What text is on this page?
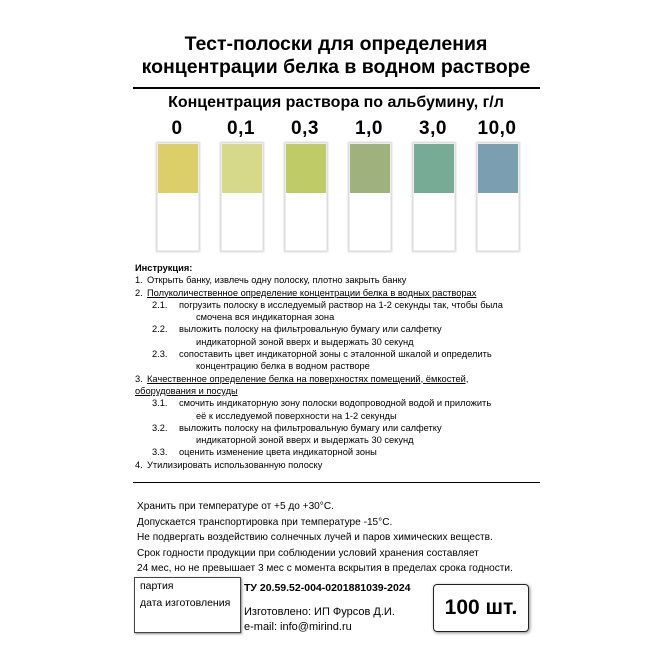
Тест-полоски для определения
концентрации белка в водном растворе
Концентрация раствора по альбумину, г/л
0	0,1	0,3	1,0	3,0	10,0
Инструкция:
1. Открыть банку, извлечь одну полоску, плотно закрыть банку
2. Полуколичественное определение концентрации белка в водных растворах
2.1. погрузить полоску в исследуемый раствор на 1-2 секунды так, чтобы была
смочена вся индикаторная зона
2.2. выложить полоску на фильтровальную бумагу или салфетку
индикаторной зоной вверх и выдержать 30 секунд
2.3. сопоставить цвет индикаторной зоны с эталонной шкалой и определить
концентрацию белка в водном растворе
3. Качественное определение белка на поверхностях помещений, ёмкостей,
оборудования и посуды
3.1. смочить индикаторную зону полоски водопроводной водой и приложить
её к исследуемой поверхности на 1-2 секунды
3.2. выложить полоску на фильтровальную бумагу или салфетку
индикаторной зоной вверх и выдержать 30 секунд
3.3. оценить изменение цвета индикаторной зоны
4. Утилизировать использованную полоску
Хранить при температуре от +5 до +30°С.
Допускается транспортировка при температуре -15°С.
Не подвергать воздействию солнечных лучей и паров химических веществ.
Срок годности продукции при соблюдении условий хранения составляет
24 мес, но не превышает 3 мес с момента вскрытия в пределах срока годности.
партия
дата изготовления
ТУ 20.59.52-004-0201881039-2024
Изготовлено: ИП Фурсов Д.И.
e-mail: info@mirind.ru
100 шт.
